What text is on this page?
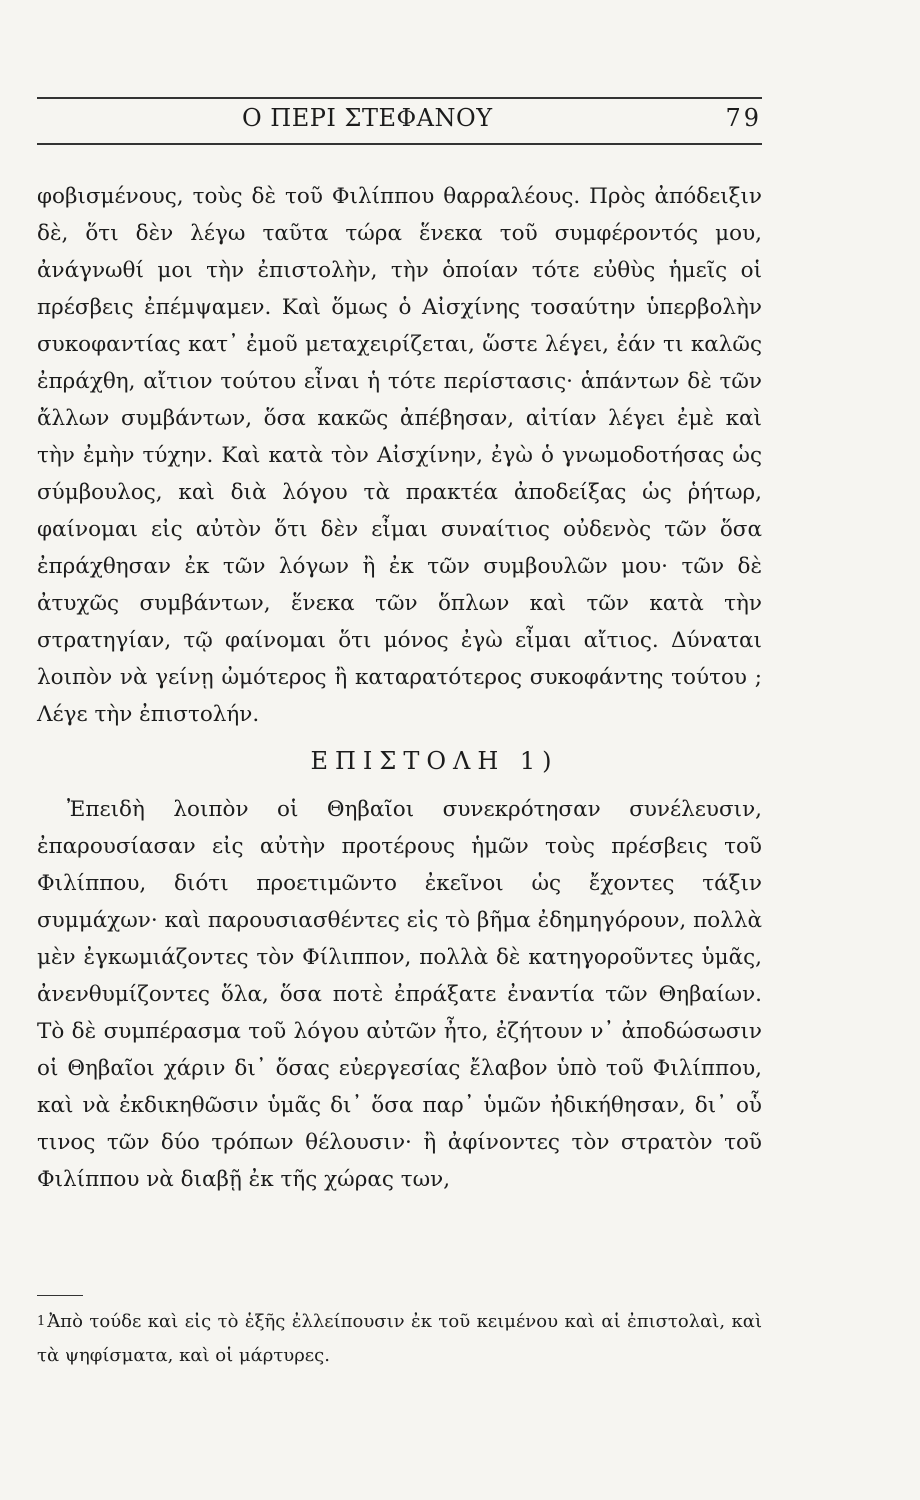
Ο ΠΕΡΙ ΣΤΕΦΑΝΟΥ	79

φοβισμένους, τοὺς δὲ τοῦ Φιλίππου θαρραλέους. Πρὸς ἀπόδειξιν δὲ, ὅτι δὲν λέγω ταῦτα τώρα ἕνεκα τοῦ συμφέροντός μου, ἀνάγνωθί μοι τὴν ἐπιστολὴν, τὴν ὁποίαν τότε εὐθὺς ἡμεῖς οἱ πρέσβεις ἐπέμψαμεν. Καὶ ὅμως ὁ Αἰσχίνης τοσαύτην ὑπερβολὴν συκοφαντίας κατ᾽ ἐμοῦ μεταχειρίζεται, ὥστε λέγει, ἐάν τι καλῶς ἐπράχθη, αἴτιον τούτου εἶναι ἡ τότε περίστασις· ἁπάντων δὲ τῶν ἄλλων συμβάντων, ὅσα κακῶς ἀπέβησαν, αἰτίαν λέγει ἐμὲ καὶ τὴν ἐμὴν τύχην. Καὶ κατὰ τὸν Αἰσχίνην, ἐγὼ ὁ γνωμοδοτήσας ὡς σύμβουλος, καὶ διὰ λόγου τὰ πρακτέα ἀποδείξας ὡς ῥήτωρ, φαίνομαι εἰς αὐτὸν ὅτι δὲν εἶμαι συναίτιος οὐδενὸς τῶν ὅσα ἐπράχθησαν ἐκ τῶν λόγων ἢ ἐκ τῶν συμβουλῶν μου· τῶν δὲ ἀτυχῶς συμβάντων, ἕνεκα τῶν ὅπλων καὶ τῶν κατὰ τὴν στρατηγίαν, τῷ φαίνομαι ὅτι μόνος ἐγὼ εἶμαι αἴτιος. Δύναται λοιπὸν νὰ γείνῃ ὠμότερος ἢ καταρατότερος συκοφάντης τούτου ; Λέγε τὴν ἐπιστολήν.

ΕΠΙΣΤΟΛΗ 1)

Ἐπειδὴ λοιπὸν οἱ Θηβαῖοι συνεκρότησαν συνέλευσιν, ἐπαρουσίασαν εἰς αὐτὴν προτέρους ἡμῶν τοὺς πρέσβεις τοῦ Φιλίππου, διότι προετιμῶντο ἐκεῖνοι ὡς ἔχοντες τάξιν συμμάχων· καὶ παρουσιασθέντες εἰς τὸ βῆμα ἐδημηγόρουν, πολλὰ μὲν ἐγκωμιάζοντες τὸν Φίλιππον, πολλὰ δὲ κατηγοροῦντες ὑμᾶς, ἀνενθυμίζοντες ὅλα, ὅσα ποτὲ ἐπράξατε ἐναντία τῶν Θηβαίων. Τὸ δὲ συμπέρασμα τοῦ λόγου αὐτῶν ἦτο, ἐζήτουν ν᾽ ἀποδώσωσιν οἱ Θηβαῖοι χάριν δι᾽ ὅσας εὐεργεσίας ἔλαβον ὑπὸ τοῦ Φιλίππου, καὶ νὰ ἐκδικηθῶσιν ὑμᾶς δι᾽ ὅσα παρ᾽ ὑμῶν ἠδικήθησαν, δι᾽ οὗ τινος τῶν δύο τρόπων θέλουσιν· ἢ ἀφίνοντες τὸν στρατὸν τοῦ Φιλίππου νὰ διαβῇ ἐκ τῆς χώρας των,

$^1$ Ἀπὸ τούδε καὶ εἰς τὸ ἑξῆς ἐλλείπουσιν ἐκ τοῦ κειμένου καὶ αἱ ἐπιστολαὶ, καὶ τὰ ψηφίσματα, καὶ οἱ μάρτυρες.
